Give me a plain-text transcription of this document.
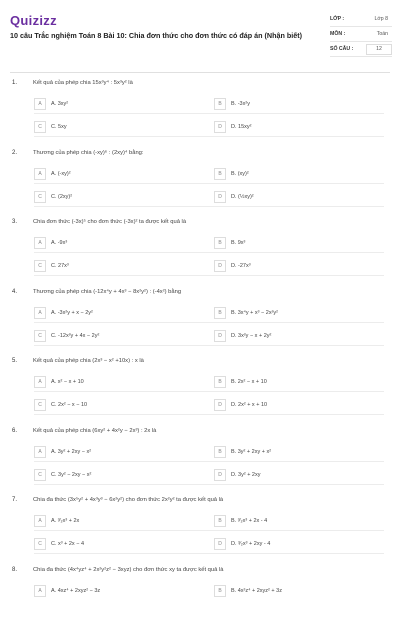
Quizizz
10 câu Trắc nghiệm Toán 8 Bài 10: Chia đơn thức cho đơn thức có đáp án (Nhận biết)
LỚP :	Lớp 8
MÔN :	Toán
SỐ CÂU :	12
1.	Kết quả của phép chia 15x³y⁴ : 5x³y² là
A	A. 3xy²	B	B. -3x²y
C	C. 5xy	D	D. 15xy²
2.	Thương của phép chia (-xy)⁶ : (2xy)⁴ bằng:
A	A. (-xy)²	B	B. (xy)²
C	C. (2xy)²	D	D. (½xy)²
3.	Chia đơn thức (-3x)⁵ cho đơn thức (-3x)² ta được kết quả là
A	A. -9x³	B	B. 9x³
C	C. 27x³	D	D. -27x³
4.	Thương của phép chia (-12x⁴y + 4x³ − 8x²y²) : (-4x²) bằng
A	A. -3x²y + x − 2y²	B	B. 3x⁴y + x³ − 2x²y²
C	C. -12x²y + 4x − 2y²	D	D. 3x²y − x + 2y²
5.	Kết quả của phép chia (2x³ − x² +10x) : x là
A	A. x² − x + 10	B	B. 2x² − x + 10
C	C. 2x² − x − 10	D	D. 2x² + x + 10
6.	Kết quả của phép chia (6xy² + 4x²y − 2x³) : 2x là
A	A. 3y² + 2xy − x²	B	B. 3y² + 2xy + x²
C	C. 3y² − 2xy − x²	D	D. 3y² + 2xy
7.	Chia đa thức (3x⁵y² + 4x³y³ − 6x²y²) cho đơn thức 2x²y² ta được kết quả là
A	A. ³⁄₂x³ + 2x	B	B. ³⁄₂x³ + 2x - 4
C	C. x³ + 2x − 4	D	D. ³⁄₂x³ + 2xy - 4
8.	Chia đa thức (4x⁴yz⁴ + 2x²y²z² − 3xyz) cho đơn thức xy ta được kết quả là
A	A. 4xz⁴ + 2xyz² − 3z	B	B. 4x²z⁴ + 2xyz² + 3z
